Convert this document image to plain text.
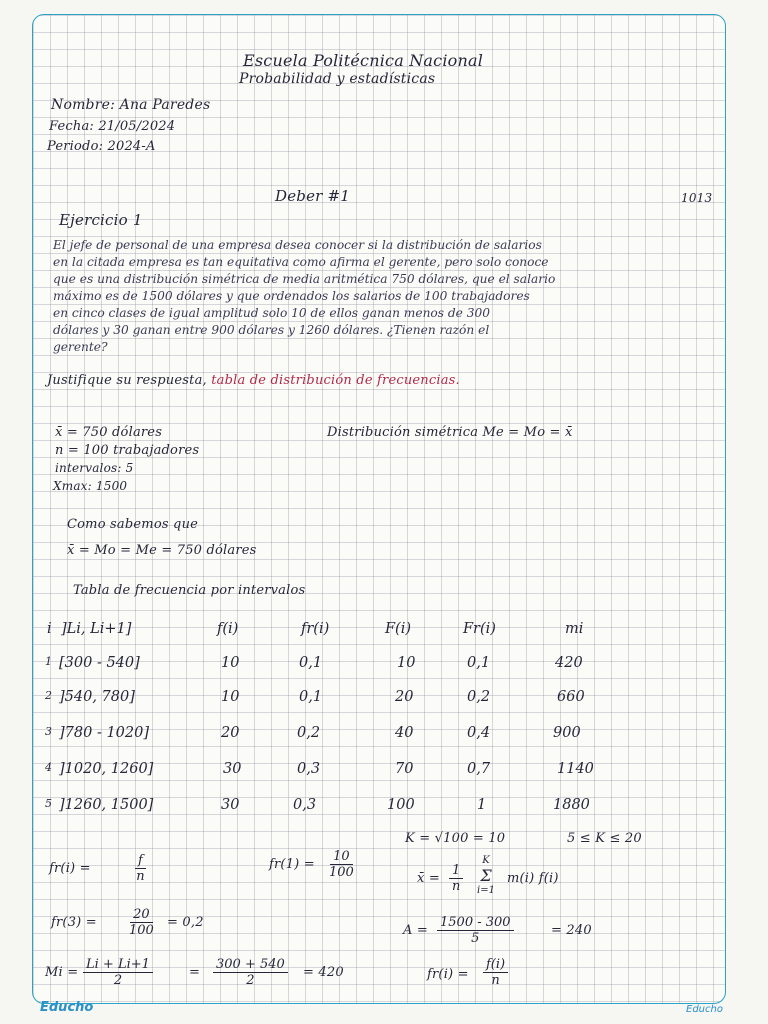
Escuela Politécnica Nacional
Probabilidad y estadísticas
1013
Nombre: Ana Paredes
Fecha: 21/05/2024
Periodo: 2024-A
Deber #1
Ejercicio 1
El jefe de personal de una empresa desea conocer si la distribución de salarios
en la citada empresa es tan equitativa como afirma el gerente, pero solo conoce
que es una distribución simétrica de media aritmética 750 dólares, que el salario
máximo es de 1500 dólares y que ordenados los salarios de 100 trabajadores
en cinco clases de igual amplitud solo 10 de ellos ganan menos de 300
dólares y 30 ganan entre 900 dólares y 1260 dólares. ¿Tienen razón el
gerente?
Justifique su respuesta, tabla de distribución de frecuencias.
x̄ = 750 dólares
n = 100 trabajadores
intervalos: 5
Xmax: 1500
Distribución simétrica Me = Mo = x̄
Como sabemos que
x̄ = Mo = Me = 750 dólares
Tabla de frecuencia por intervalos
i ]Li, Li+1]	f(i)	fr(i)	F(i)	Fr(i)	mi
1 [300 - 540]	10	0,1	10	0,1	420
2 ]540, 780]	10	0,1	20	0,2	660
3 ]780 - 1020]	20	0,2	40	0,4	900
4 ]1020, 1260]	30	0,3	70	0,7	1140
5 ]1260, 1500]	30	0,3	100	1	1880
K = √100 = 10	5 ≤ K ≤ 20
fr(i) =	$\frac{f}{n}$	$fr(1) = \frac{10}{100}$	x̄ = $\frac{1}{n}$
K
Σ
i=1
m(i) f(i)
$fr(3) = \frac{20}{100} = 0,2$
$A = \frac{1500 - 300}{5}$	= 240
$Mi = \frac{Li + Li+1}{2}$	= $\frac{300 + 540}{2} = 420$	$fr(i) = \frac{f(i)}{n}$
Educho	Educho
